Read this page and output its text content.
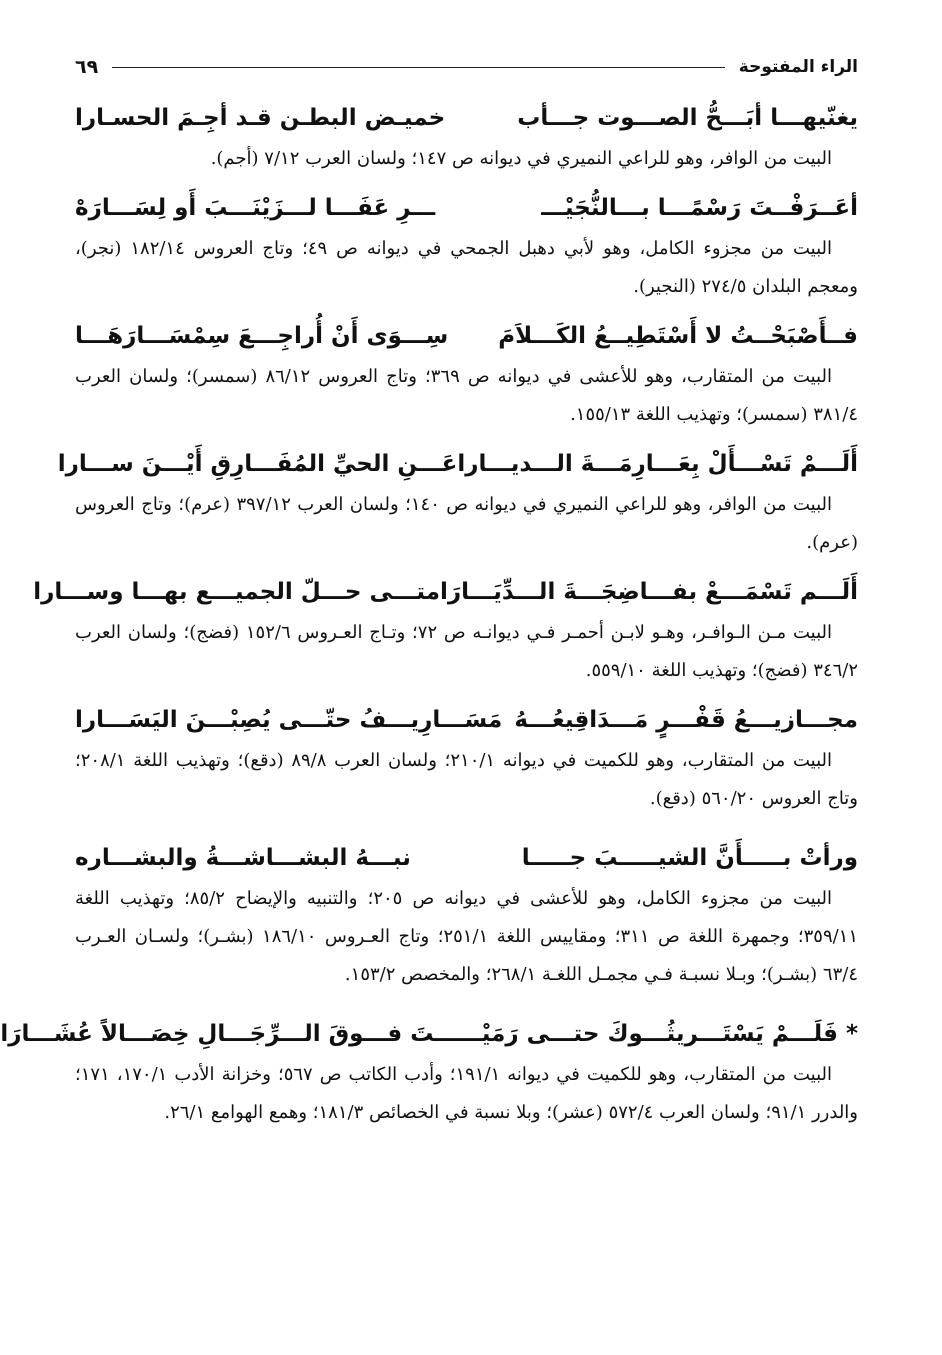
الراء المفتوحة
٦٩
يغنّيهـــا أبَـــحُّ الصـــوت جـــأب
خميـض البطـن قـد أجِـمَ الحسـارا

البيت من الوافر، وهو للراعي النميري في ديوانه ص ١٤٧؛ ولسان العرب ٧/١٢ (أجم).

أعَــرَفْــتَ رَسْمًـــا بـــالنُّجَيْـــ
ـــرِ عَفَـــا لـــزَيْنَـــبَ أَو لِسَـــارَهْ

البيت من مجزوء الكامل، وهو لأبي دهبل الجمحي في ديوانه ص ٤٩؛ وتاج العروس ١٨٢/١٤ (نجر)، ومعجم البلدان ٢٧٤/٥ (النجير).

فــأَصْبَحْــتُ لا أَسْتَطِيــعُ الكَـــلاَمَ
سِـــوَى أَنْ أُراجِـــعَ سِمْسَـــارَهَـــا

البيت من المتقارب، وهو للأعشى في ديوانه ص ٣٦٩؛ وتاج العروس ٨٦/١٢ (سمسر)؛ ولسان العرب ٣٨١/٤ (سمسر)؛ وتهذيب اللغة ١٥٥/١٣.

أَلَـــمْ تَسْـــأَلْ بِعَـــارِمَـــةَ الـــديـــارا
عَـــنِ الحيِّ المُفَـــارِقِ أَيْـــنَ ســـارا

البيت من الوافر، وهو للراعي النميري في ديوانه ص ١٤٠؛ ولسان العرب ٣٩٧/١٢ (عرم)؛ وتاج العروس (عرم).

أَلَـــم تَسْمَـــعْ بفـــاضِجَـــةَ الـــدِّيَـــارَا
متـــى حـــلّ الجميـــع بهـــا وســـارا

البيت مـن الـوافـر، وهـو لابـن أحمـر فـي ديوانـه ص ٧٢؛ وتـاج العـروس ١٥٢/٦ (فضج)؛ ولسان العرب ٣٤٦/٢ (فضج)؛ وتهذيب اللغة ٥٥٩/١٠.

مجـــازيـــعُ قَفْـــرٍ مَـــدَاقِيعُـــهُ
مَسَـــارِيـــفُ حتّـــى يُصِبْـــنَ اليَسَـــارا

البيت من المتقارب، وهو للكميت في ديوانه ٢١٠/١؛ ولسان العرب ٨٩/٨ (دقع)؛ وتهذيب اللغة ٢٠٨/١؛ وتاج العروس ٥٦٠/٢٠ (دقع).

ورأتْ بـــــأَنَّ الشيـــــبَ جـــــا
نبـــهُ البشـــاشـــةُ والبشـــاره

البيت من مجزوء الكامل، وهو للأعشى في ديوانه ص ٢٠٥؛ والتنبيه والإيضاح ٨٥/٢؛ وتهذيب اللغة ٣٥٩/١١؛ وجمهرة اللغة ص ٣١١؛ ومقاييس اللغة ٢٥١/١؛ وتاج العـروس ١٨٦/١٠ (بشـر)؛ ولسـان العـرب ٦٣/٤ (بشـر)؛ وبـلا نسبـة فـي مجمـل اللغـة ٢٦٨/١؛ والمخصص ١٥٣/٢.

* فَلَـــمْ يَسْتَـــريثُـــوكَ حتـــى رَمَيْـــ
ـــتَ فـــوقَ الـــرِّجَـــالِ خِصَـــالاً عُشَـــارَا

البيت من المتقارب، وهو للكميت في ديوانه ١٩١/١؛ وأدب الكاتب ص ٥٦٧؛ وخزانة الأدب ١٧٠/١، ١٧١؛ والدرر ٩١/١؛ ولسان العرب ٥٧٢/٤ (عشر)؛ وبلا نسبة في الخصائص ١٨١/٣؛ وهمع الهوامع ٢٦/١.
